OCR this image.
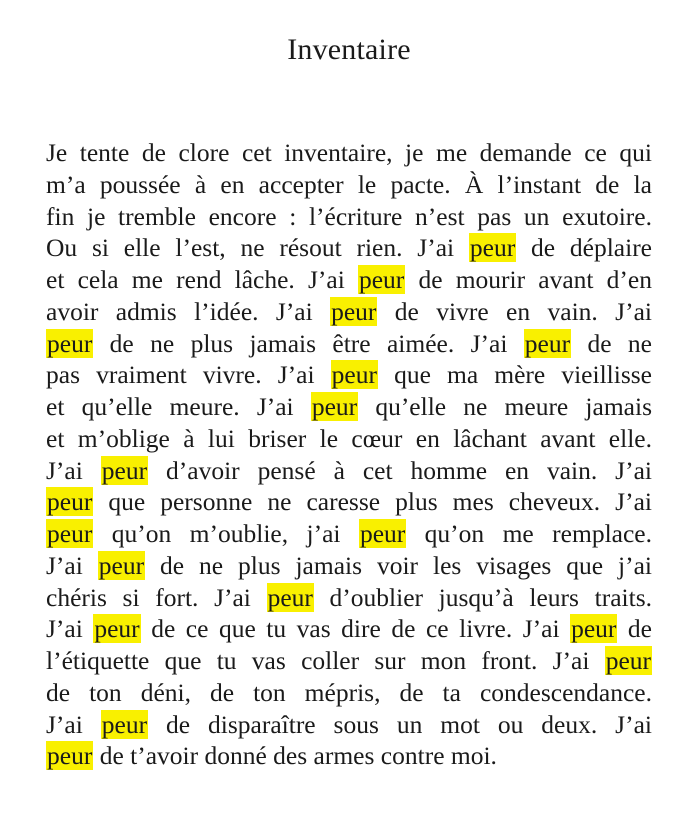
Inventaire
Je tente de clore cet inventaire, je me demande ce qui
m’a poussée à en accepter le pacte. À l’instant de la
fin je tremble encore : l’écriture n’est pas un exutoire.
Ou si elle l’est, ne résout rien. J’ai peur de déplaire
et cela me rend lâche. J’ai peur de mourir avant d’en
avoir admis l’idée. J’ai peur de vivre en vain. J’ai
peur de ne plus jamais être aimée. J’ai peur de ne
pas vraiment vivre. J’ai peur que ma mère vieillisse
et qu’elle meure. J’ai peur qu’elle ne meure jamais
et m’oblige à lui briser le cœur en lâchant avant elle.
J’ai peur d’avoir pensé à cet homme en vain. J’ai
peur que personne ne caresse plus mes cheveux. J’ai
peur qu’on m’oublie, j’ai peur qu’on me remplace.
J’ai peur de ne plus jamais voir les visages que j’ai
chéris si fort. J’ai peur d’oublier jusqu’à leurs traits.
J’ai peur de ce que tu vas dire de ce livre. J’ai peur de
l’étiquette que tu vas coller sur mon front. J’ai peur
de ton déni, de ton mépris, de ta condescendance.
J’ai peur de disparaître sous un mot ou deux. J’ai
peur de t’avoir donné des armes contre moi.
